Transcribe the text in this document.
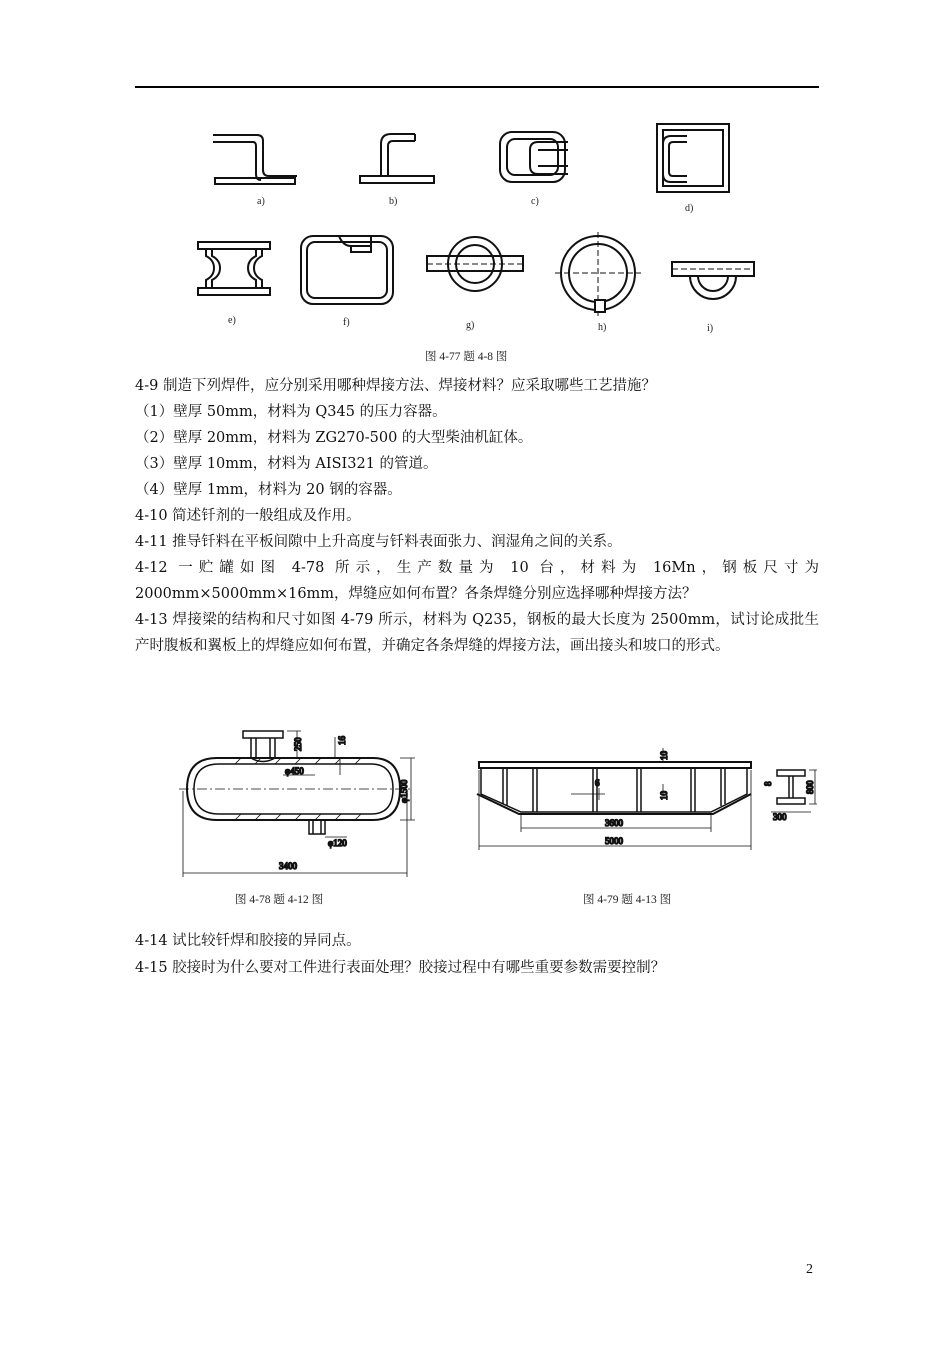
a)	b)	c)
d)
e)	f)	g)	h)	i)
图 4-77 题 4-8 图
4-9 制造下列焊件，应分别采用哪种焊接方法、焊接材料？应采取哪些工艺措施？
（1）壁厚 50mm，材料为 Q345 的压力容器。
（2）壁厚 20mm，材料为 ZG270-500 的大型柴油机缸体。
（3）壁厚 10mm，材料为 AISI321 的管道。
（4）壁厚 1mm，材料为 20 钢的容器。
4-10 简述钎剂的一般组成及作用。
4-11 推导钎料在平板间隙中上升高度与钎料表面张力、润湿角之间的关系。
4-12 一贮罐如图 4-78 所示，生产数量为 10 台，材料为 16Mn，钢板尺寸为 2000mm×5000mm×16mm，焊缝应如何布置？各条焊缝分别应选择哪种焊接方法？
4-13 焊接梁的结构和尺寸如图 4-79 所示，材料为 Q235，钢板的最大长度为 2500mm，试讨论成批生产时腹板和翼板上的焊缝应如何布置，并确定各条焊缝的焊接方法，画出接头和坡口的形式。
250	16
φ450
φ1500
φ120
3400
图 4-78 题 4-12 图
10
6
10
3600
5000
8	800
300
图 4-79 题 4-13 图
4-14 试比较钎焊和胶接的异同点。
4-15 胶接时为什么要对工件进行表面处理？胶接过程中有哪些重要参数需要控制？
2
